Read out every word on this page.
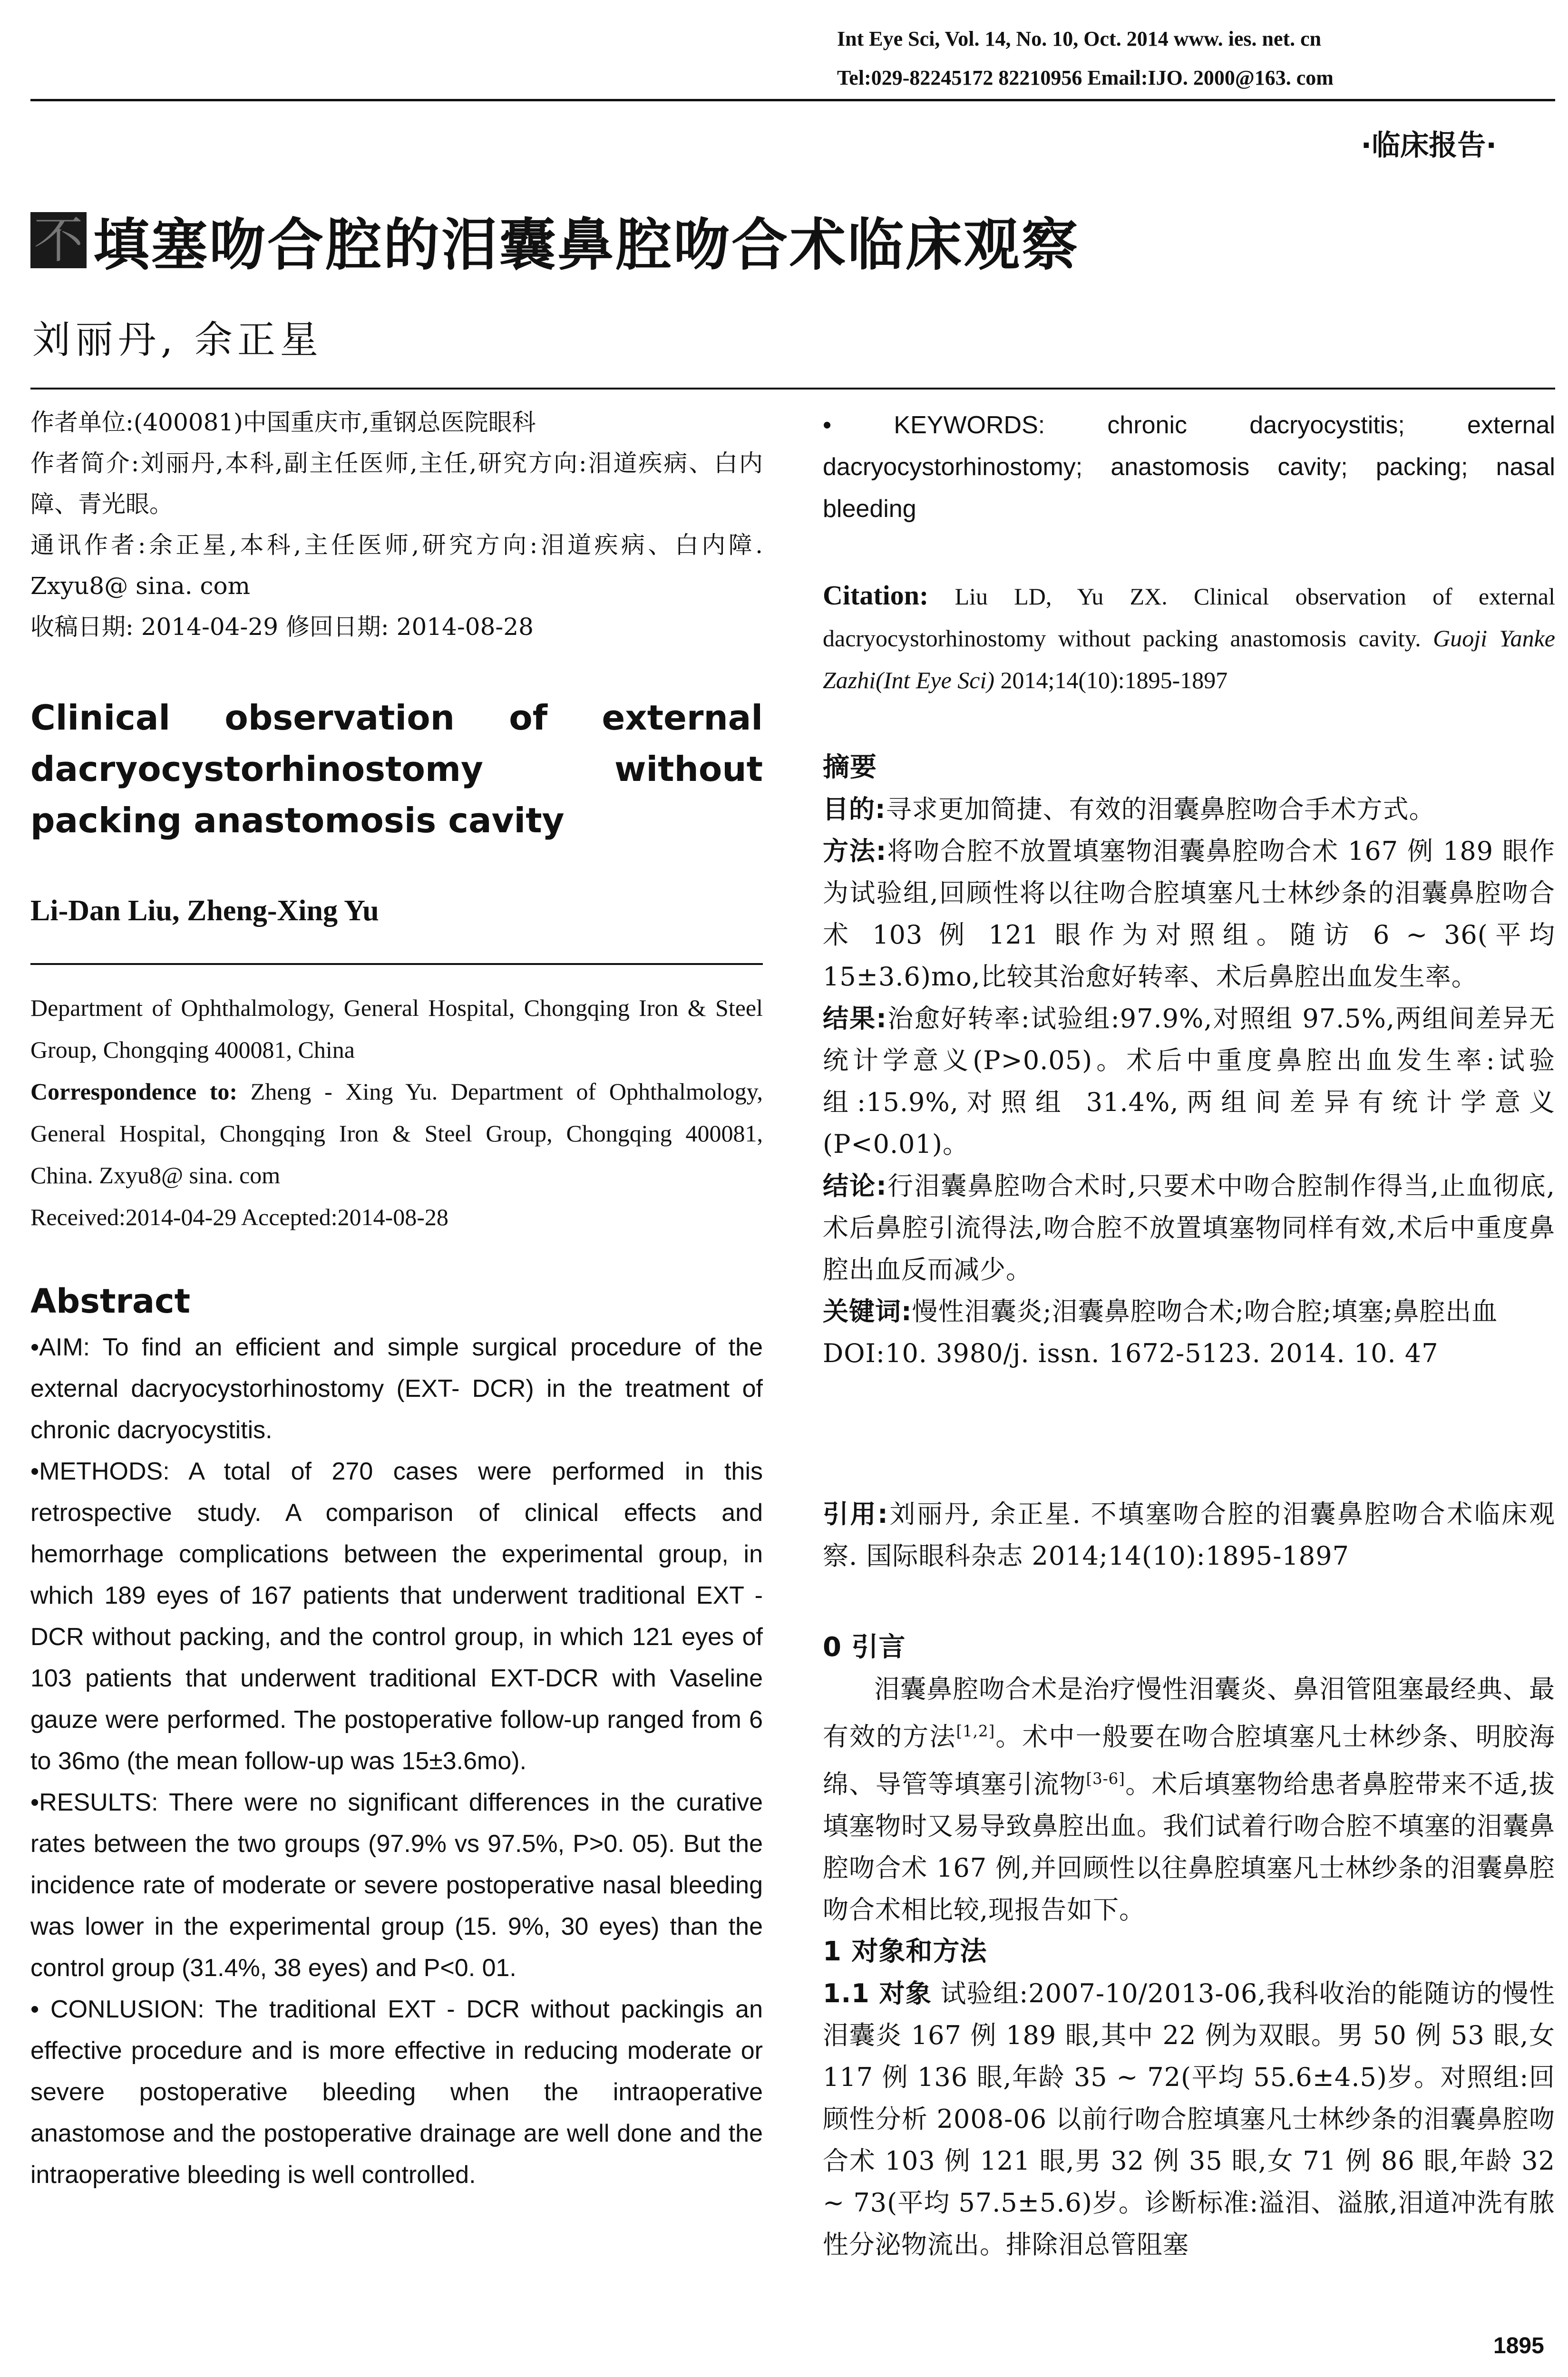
Int Eye Sci, Vol. 14, No. 10, Oct. 2014 www. ies. net. cn
Tel:029-82245172 82210956 Email:IJO. 2000@163. com
·临床报告·
不 填塞吻合腔的泪囊鼻腔吻合术临床观察
刘丽丹, 余正星
作者单位:(400081)中国重庆市,重钢总医院眼科
作者简介:刘丽丹,本科,副主任医师,主任,研究方向:泪道疾病、白内障、青光眼。
通讯作者:余正星,本科,主任医师,研究方向:泪道疾病、白内障. Zxyu8@ sina. com
收稿日期: 2014-04-29 修回日期: 2014-08-28
Clinical observation of external dacryocystorhinostomy without packing anastomosis cavity
Li-Dan Liu, Zheng-Xing Yu
Department of Ophthalmology, General Hospital, Chongqing Iron & Steel Group, Chongqing 400081, China
Correspondence to: Zheng - Xing Yu. Department of Ophthalmology, General Hospital, Chongqing Iron & Steel Group, Chongqing 400081, China. Zxyu8@ sina. com
Received:2014-04-29 Accepted:2014-08-28
Abstract
•AIM: To find an efficient and simple surgical procedure of the external dacryocystorhinostomy (EXT- DCR) in the treatment of chronic dacryocystitis.
•METHODS: A total of 270 cases were performed in this retrospective study. A comparison of clinical effects and hemorrhage complications between the experimental group, in which 189 eyes of 167 patients that underwent traditional EXT - DCR without packing, and the control group, in which 121 eyes of 103 patients that underwent traditional EXT-DCR with Vaseline gauze were performed. The postoperative follow-up ranged from 6 to 36mo (the mean follow-up was 15±3.6mo).
•RESULTS: There were no significant differences in the curative rates between the two groups (97.9% vs 97.5%, P>0. 05). But the incidence rate of moderate or severe postoperative nasal bleeding was lower in the experimental group (15. 9%, 30 eyes) than the control group (31.4%, 38 eyes) and P<0. 01.
• CONLUSION: The traditional EXT - DCR without packingis an effective procedure and is more effective in reducing moderate or severe postoperative bleeding when the intraoperative anastomose and the postoperative drainage are well done and the intraoperative bleeding is well controlled.
• KEYWORDS: chronic dacryocystitis; external dacryocystorhinostomy; anastomosis cavity; packing; nasal bleeding
Citation: Liu LD, Yu ZX. Clinical observation of external dacryocystorhinostomy without packing anastomosis cavity. Guoji Yanke Zazhi(Int Eye Sci) 2014;14(10):1895-1897
摘要
目的:寻求更加简捷、有效的泪囊鼻腔吻合手术方式。
方法:将吻合腔不放置填塞物泪囊鼻腔吻合术 167 例 189 眼作为试验组,回顾性将以往吻合腔填塞凡士林纱条的泪囊鼻腔吻合术 103 例 121 眼作为对照组。随访 6 ~ 36(平均 15±3.6)mo,比较其治愈好转率、术后鼻腔出血发生率。
结果:治愈好转率:试验组:97.9%,对照组 97.5%,两组间差异无统计学意义(P>0.05)。术后中重度鼻腔出血发生率:试验组:15.9%,对照组 31.4%,两组间差异有统计学意义(P<0.01)。
结论:行泪囊鼻腔吻合术时,只要术中吻合腔制作得当,止血彻底,术后鼻腔引流得法,吻合腔不放置填塞物同样有效,术后中重度鼻腔出血反而减少。
关键词:慢性泪囊炎;泪囊鼻腔吻合术;吻合腔;填塞;鼻腔出血
DOI:10. 3980/j. issn. 1672-5123. 2014. 10. 47
引用:刘丽丹, 余正星. 不填塞吻合腔的泪囊鼻腔吻合术临床观察. 国际眼科杂志 2014;14(10):1895-1897
0 引言
泪囊鼻腔吻合术是治疗慢性泪囊炎、鼻泪管阻塞最经典、最有效的方法[1,2]。术中一般要在吻合腔填塞凡士林纱条、明胶海绵、导管等填塞引流物[3-6]。术后填塞物给患者鼻腔带来不适,拔填塞物时又易导致鼻腔出血。我们试着行吻合腔不填塞的泪囊鼻腔吻合术 167 例,并回顾性以往鼻腔填塞凡士林纱条的泪囊鼻腔吻合术相比较,现报告如下。
1 对象和方法
1.1 对象 试验组:2007-10/2013-06,我科收治的能随访的慢性泪囊炎 167 例 189 眼,其中 22 例为双眼。男 50 例 53 眼,女 117 例 136 眼,年龄 35 ~ 72(平均 55.6±4.5)岁。对照组:回顾性分析 2008-06 以前行吻合腔填塞凡士林纱条的泪囊鼻腔吻合术 103 例 121 眼,男 32 例 35 眼,女 71 例 86 眼,年龄 32 ~ 73(平均 57.5±5.6)岁。诊断标准:溢泪、溢脓,泪道冲洗有脓性分泌物流出。排除泪总管阻塞
1895
